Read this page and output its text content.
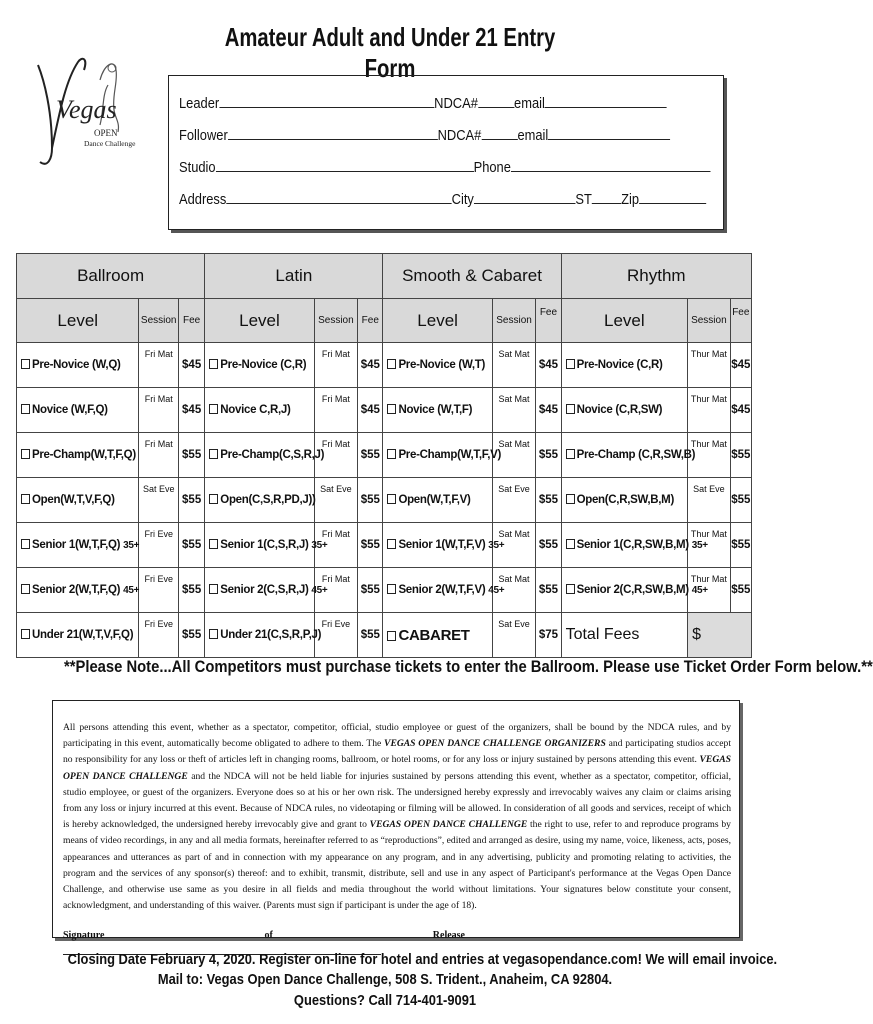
Vegas
OPEN
Dance Challenge
Amateur Adult and Under 21 Entry Form
Leader	NDCA# email
Follower	NDCA# email
Studio	Phone
Address	City	ST Zip
Ballroom			Latin			Smooth & Cabaret			Rhythm		
Level	Session	Fee	Level	Session	Fee	Level	Session	Fee	Level	Session	Fee
Pre-Novice (W,Q)	Fri Mat	$45	Pre-Novice (C,R)	Fri Mat	$45	Pre-Novice (W,T)	Sat Mat	$45	Pre-Novice (C,R)	Thur Mat	$45
Novice (W,F,Q)	Fri Mat	$45	Novice C,R,J)	Fri Mat	$45	Novice (W,T,F)	Sat Mat	$45	Novice (C,R,SW)	Thur Mat	$45
Pre-Champ(W,T,F,Q)	Fri Mat	$55	Pre-Champ(C,S,R,J)	Fri Mat	$55	Pre-Champ(W,T,F,V)	Sat Mat	$55	Pre-Champ (C,R,SW,B)	Thur Mat	$55
Open(W,T,V,F,Q)	Sat Eve	$55	Open(C,S,R,PD,J))	Sat Eve	$55	Open(W,T,F,V)	Sat Eve	$55	Open(C,R,SW,B,M)	Sat Eve	$55
Senior 1(W,T,F,Q) 35+	Fri Eve	$55	Senior 1(C,S,R,J) 35+	Fri Mat	$55	Senior 1(W,T,F,V) 35+	Sat Mat	$55	Senior 1(C,R,SW,B,M) 35+	Thur Mat	$55
Senior 2(W,T,F,Q) 45+	Fri Eve	$55	Senior 2(C,S,R,J) 45+	Fri Mat	$55	Senior 2(W,T,F,V) 45+	Sat Mat	$55	Senior 2(C,R,SW,B,M) 45+	Thur Mat	$55
Under 21(W,T,V,F,Q)	Fri Eve	$55	Under 21(C,S,R,P,J)	Fri Eve	$55	CABARET	Sat Eve	$75	Total Fees	$	
**Please Note...All Competitors must purchase tickets to enter the Ballroom. Please use Ticket Order Form below.**
All persons attending this event, whether as a spectator, competitor, official, studio employee or guest of the organizers, shall be bound by the NDCA rules, and by participating in this event, automatically become obligated to adhere to them. The VEGAS OPEN DANCE CHALLENGE ORGANIZERS and participating studios accept no responsibility for any loss or theft of articles left in changing rooms, ballroom, or hotel rooms, or for any loss or injury sustained by persons attending this event. VEGAS OPEN DANCE CHALLENGE and the NDCA will not be held liable for injuries sustained by persons attending this event, whether as a spectator, competitor, official, studio employee, or guest of the organizers. Everyone does so at his or her own risk. The undersigned hereby expressly and irrevocably waives any claim or claims arising from any loss or injury incurred at this event. Because of NDCA rules, no videotaping or filming will be allowed. In consideration of all goods and services, receipt of which is hereby acknowledged, the undersigned hereby irrevocably give and grant to VEGAS OPEN DANCE CHALLENGE the right to use, refer to and reproduce programs by means of video recordings, in any and all media formats, hereinafter referred to as “reproductions”, edited and arranged as desire, using my name, voice, likeness, acts, poses, appearances and utterances as part of and in connection with my appearance on any program, and in any advertising, publicity and promoting relating to activities, the program and the services of any sponsor(s) thereof: and to exhibit, transmit, distribute, sell and use in any aspect of Participant's performance at the Vegas Open Dance Challenge, and otherwise use same as you desire in all fields and media throughout the world without limitations. Your signatures below constitute your consent, acknowledgment, and understanding of this waiver. (Parents must sign if participant is under the age of 18).
Signature of Release
Closing Date February 4, 2020. Register on-line for hotel and entries at vegasopendance.com! We will email invoice.
Mail to: Vegas Open Dance Challenge, 508 S. Trident., Anaheim, CA 92804.
Questions? Call 714-401-9091
